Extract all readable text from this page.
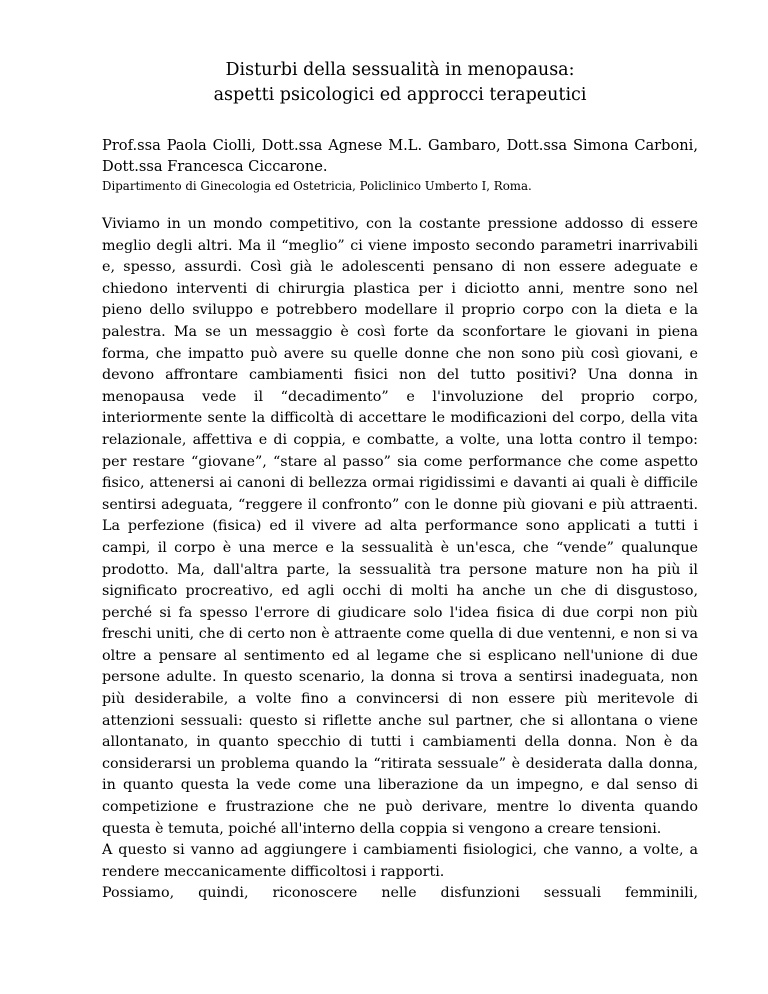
Disturbi della sessualità in menopausa:
aspetti psicologici ed approcci terapeutici

Prof.ssa Paola Ciolli, Dott.ssa Agnese M.L. Gambaro, Dott.ssa Simona Carboni, Dott.ssa Francesca Ciccarone.

Dipartimento di Ginecologia ed Ostetricia, Policlinico Umberto I, Roma.

Viviamo in un mondo competitivo, con la costante pressione addosso di essere meglio degli altri. Ma il “meglio” ci viene imposto secondo parametri inarrivabili e, spesso, assurdi. Così già le adolescenti pensano di non essere adeguate e chiedono interventi di chirurgia plastica per i diciotto anni, mentre sono nel pieno dello sviluppo e potrebbero modellare il proprio corpo con la dieta e la palestra. Ma se un messaggio è così forte da sconfortare le giovani in piena forma, che impatto può avere su quelle donne che non sono più così giovani, e devono affrontare cambiamenti fisici non del tutto positivi? Una donna in menopausa vede il “decadimento” e l'involuzione del proprio corpo, interiormente sente la difficoltà di accettare le modificazioni del corpo, della vita relazionale, affettiva e di coppia, e combatte, a volte, una lotta contro il tempo: per restare “giovane”, “stare al passo” sia come performance che come aspetto fisico, attenersi ai canoni di bellezza ormai rigidissimi e davanti ai quali è difficile sentirsi adeguata, “reggere il confronto” con le donne più giovani e più attraenti. La perfezione (fisica) ed il vivere ad alta performance sono applicati a tutti i campi, il corpo è una merce e la sessualità è un'esca, che “vende” qualunque prodotto. Ma, dall'altra parte, la sessualità tra persone mature non ha più il significato procreativo, ed agli occhi di molti ha anche un che di disgustoso, perché si fa spesso l'errore di giudicare solo l'idea fisica di due corpi non più freschi uniti, che di certo non è attraente come quella di due ventenni, e non si va oltre a pensare al sentimento ed al legame che si esplicano nell'unione di due persone adulte. In questo scenario, la donna si trova a sentirsi inadeguata, non più desiderabile, a volte fino a convincersi di non essere più meritevole di attenzioni sessuali: questo si riflette anche sul partner, che si allontana o viene allontanato, in quanto specchio di tutti i cambiamenti della donna. Non è da considerarsi un problema quando la “ritirata sessuale” è desiderata dalla donna, in quanto questa la vede come una liberazione da un impegno, e dal senso di competizione e frustrazione che ne può derivare, mentre lo diventa quando questa è temuta, poiché all'interno della coppia si vengono a creare tensioni.

A questo si vanno ad aggiungere i cambiamenti fisiologici, che vanno, a volte, a rendere meccanicamente difficoltosi i rapporti.

Possiamo, quindi, riconoscere nelle disfunzioni sessuali femminili,
